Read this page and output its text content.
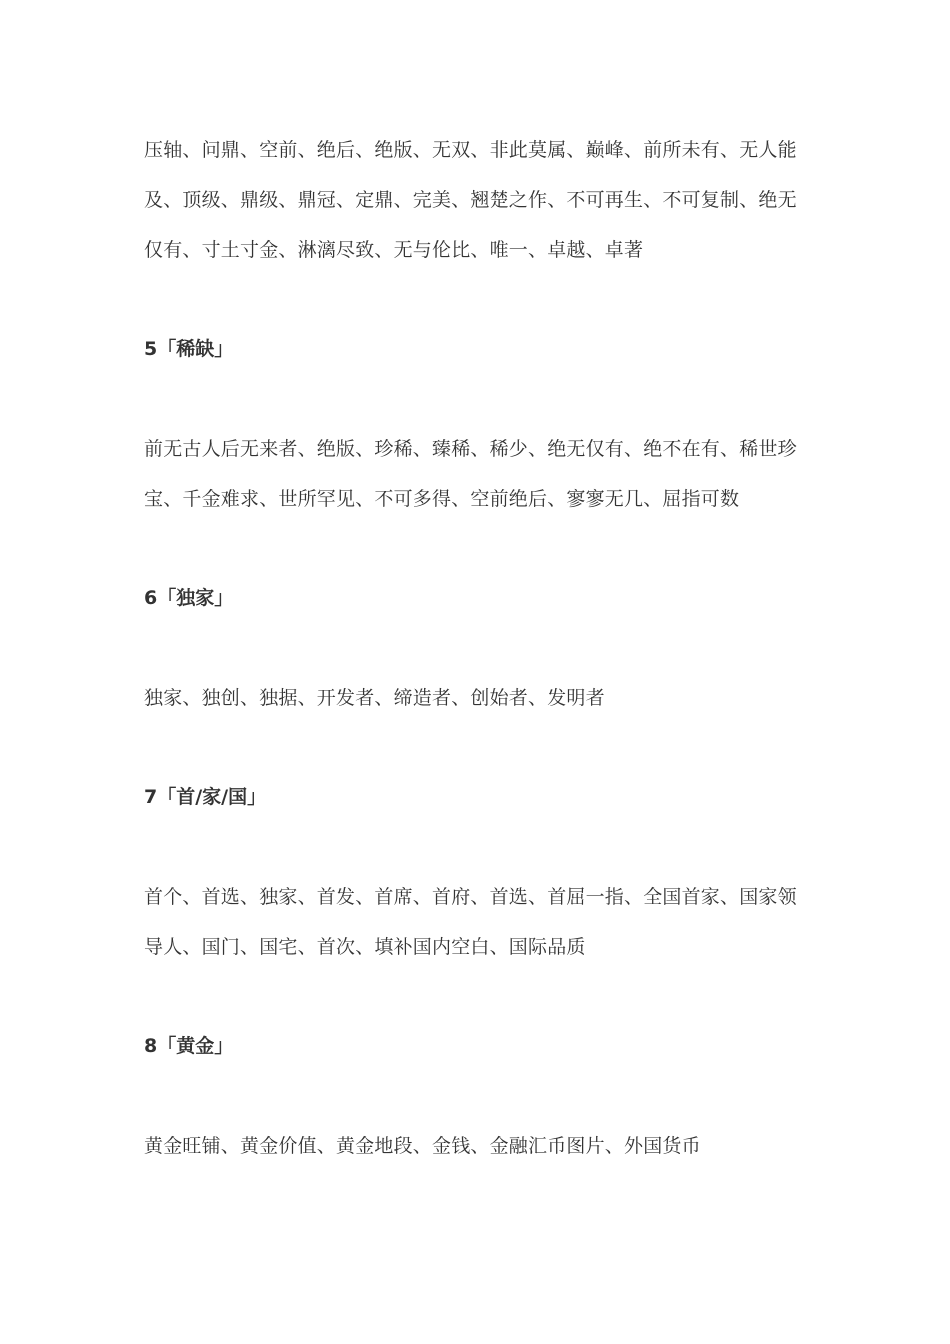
压轴、问鼎、空前、绝后、绝版、无双、非此莫属、巅峰、前所未有、无人能及、顶级、鼎级、鼎冠、定鼎、完美、翘楚之作、不可再生、不可复制、绝无仅有、寸土寸金、淋漓尽致、无与伦比、唯一、卓越、卓著

5「稀缺」

前无古人后无来者、绝版、珍稀、臻稀、稀少、绝无仅有、绝不在有、稀世珍宝、千金难求、世所罕见、不可多得、空前绝后、寥寥无几、屈指可数

6「独家」

独家、独创、独据、开发者、缔造者、创始者、发明者

7「首/家/国」

首个、首选、独家、首发、首席、首府、首选、首屈一指、全国首家、国家领导人、国门、国宅、首次、填补国内空白、国际品质

8「黄金」

黄金旺铺、黄金价值、黄金地段、金钱、金融汇币图片、外国货币
